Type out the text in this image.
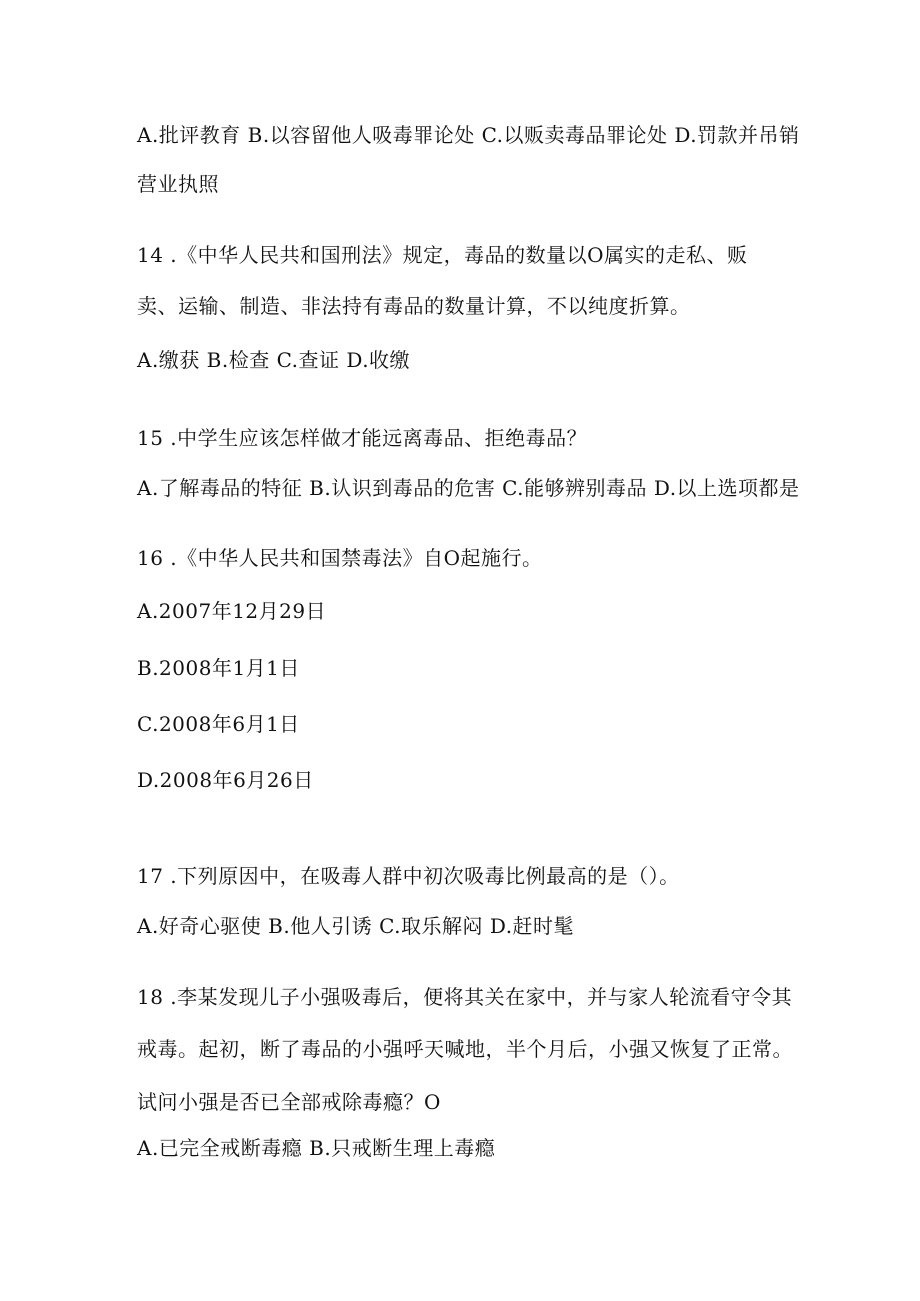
A.批评教育 B.以容留他人吸毒罪论处 C.以贩卖毒品罪论处 D.罚款并吊销
营业执照
14 .《中华人民共和国刑法》规定，毒品的数量以O属实的走私、贩
卖、运输、制造、非法持有毒品的数量计算，不以纯度折算。
A.缴获 B.检查 C.查证 D.收缴
15 .中学生应该怎样做才能远离毒品、拒绝毒品？
A.了解毒品的特征 B.认识到毒品的危害 C.能够辨别毒品 D.以上选项都是
16 .《中华人民共和国禁毒法》自O起施行。
A.2007年12月29日
B.2008年1月1日
C.2008年6月1日
D.2008年6月26日
17 .下列原因中，在吸毒人群中初次吸毒比例最高的是（）。
A.好奇心驱使 B.他人引诱 C.取乐解闷 D.赶时髦
18 .李某发现儿子小强吸毒后，便将其关在家中，并与家人轮流看守令其
戒毒。起初，断了毒品的小强呼天喊地，半个月后，小强又恢复了正常。
试问小强是否已全部戒除毒瘾？O
A.已完全戒断毒瘾 B.只戒断生理上毒瘾
